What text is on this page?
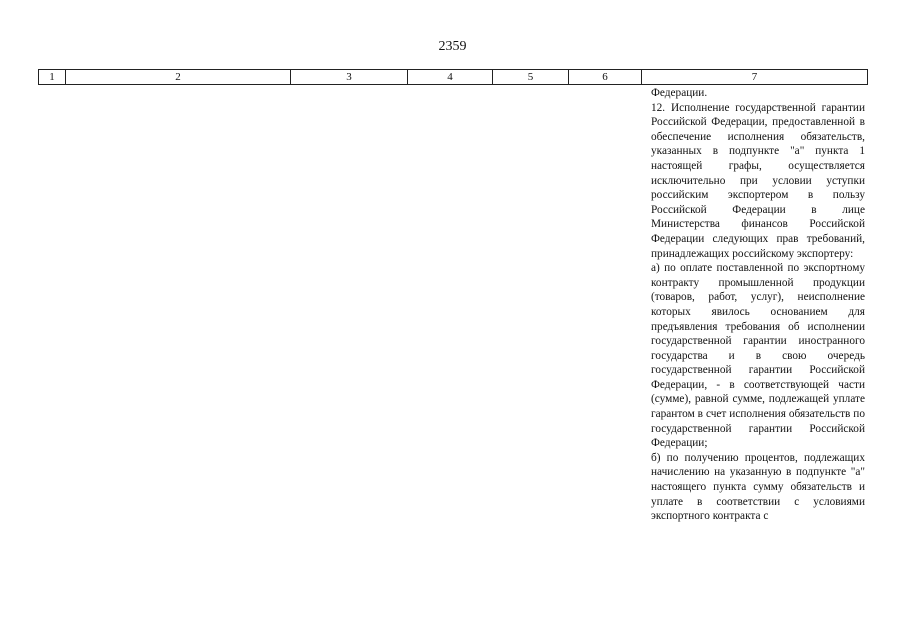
2359
1	2	3	4	5	6	7

Федерации.

12. Исполнение государственной гарантии Российской Федерации, предоставленной в обеспечение исполнения обязательств, указанных в подпункте "а" пункта 1 настоящей графы, осуществляется исключительно при условии уступки российским экспортером в пользу Российской Федерации в лице Министерства финансов Российской Федерации следующих прав требований, принадлежащих российскому экспортеру:

а) по оплате поставленной по экспортному контракту промышленной продукции (товаров, работ, услуг), неисполнение которых явилось основанием для предъявления требования об исполнении государственной гарантии иностранного государства и в свою очередь государственной гарантии Российской Федерации, - в соответствующей части (сумме), равной сумме, подлежащей уплате гарантом в счет исполнения обязательств по государственной гарантии Российской Федерации;

б) по получению процентов, подлежащих начислению на указанную в подпункте "а" настоящего пункта сумму обязательств и уплате в соответствии с условиями экспортного контракта с
